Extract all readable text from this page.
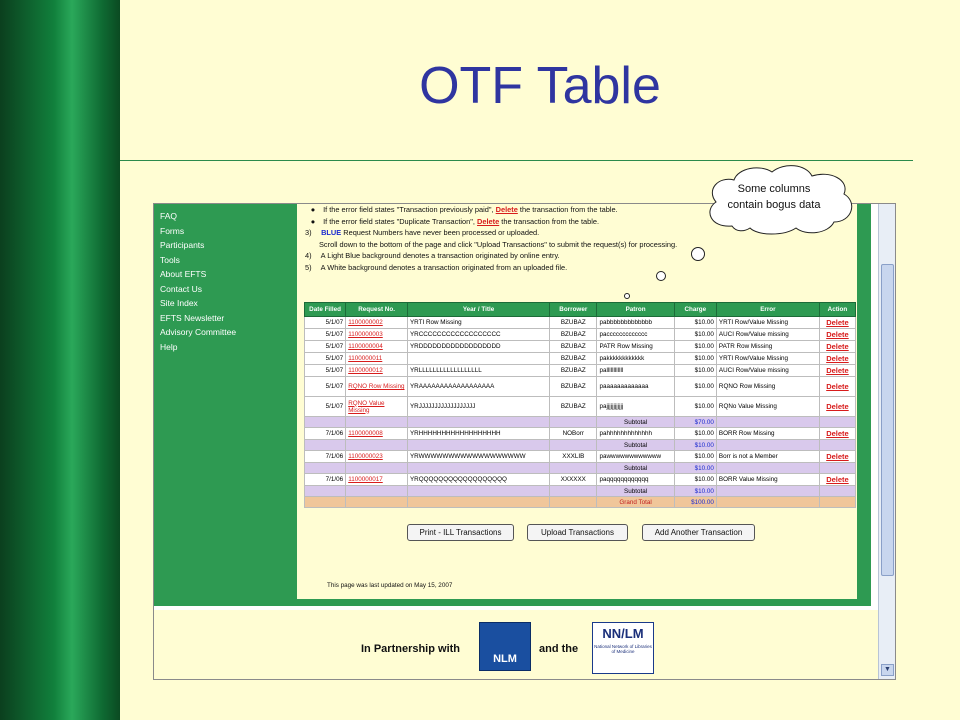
OTF Table
FAQ
Forms
Participants
Tools
About EFTS
Contact Us
Site Index
EFTS Newsletter
Advisory Committee
Help
● If the error field states "Transaction previously paid", Delete the transaction from the table.
● If the error field states "Duplicate Transaction", Delete the transaction from the table.
3) BLUE Request Numbers have never been processed or uploaded.
Scroll down to the bottom of the page and click "Upload Transactions" to submit the request(s) for processing.
4) A Light Blue background denotes a transaction originated by online entry.
5) A White background denotes a transaction originated from an uploaded file.
Date Filled	Request No.	Year / Title	Borrower	Patron	Charge	Error	Action
5/1/07	1100000002	YRTI Row Missing	BZUBAZ	pabbbbbbbbbbbbb	$10.00	YRTI Row/Value Missing	Delete
5/1/07	1100000003	YRCCCCCCCCCCCCCCCCCC	BZUBAZ	paccccccccccccc	$10.00	AUCI Row/Value missing	Delete
5/1/07	1100000004	YRDDDDDDDDDDDDDDDDDD	BZUBAZ	PATR Row Missing	$10.00	PATR Row Missing	Delete
5/1/07	1100000011		BZUBAZ	pakkkkkkkkkkkk	$10.00	YRTI Row/Value Missing	Delete
5/1/07	1100000012	YRLLLLLLLLLLLLLLLLLL	BZUBAZ	pallllllllllll	$10.00	AUCI Row/Value missing	Delete
5/1/07	RQNO Row Missing	YRAAAAAAAAAAAAAAAAAA	BZUBAZ	paaaaaaaaaaaaa	$10.00	RQNO Row Missing	Delete
5/1/07	RQNO Value Missing	YRJJJJJJJJJJJJJJJJJJ	BZUBAZ	pajjjjjjjjjjjj	$10.00	RQNo Value Missing	Delete
				Subtotal	$70.00		
7/1/06	1100000008	YRHHHHHHHHHHHHHHHHHH	NOBorr	pahhhhhhhhhhhhh	$10.00	BORR Row Missing	Delete
				Subtotal	$10.00		
7/1/06	1100000023	YRWWWWWWWWWWWWWWWWWW	XXXLIB	pawwwwwwwwwwww	$10.00	Borr is not a Member	Delete
				Subtotal	$10.00		
7/1/06	1100000017	YRQQQQQQQQQQQQQQQQQQ	XXXXXX	paqqqqqqqqqqqq	$10.00	BORR Value Missing	Delete
				Subtotal	$10.00		
				Grand Total	$100.00		
Print - ILL Transactions	Upload Transactions	Add Another Transaction
This page was last updated on May 15, 2007
In Partnership with
NLM
and the
NN/LM
National Network of Libraries of Medicine
▼
Some columns contain bogus data
